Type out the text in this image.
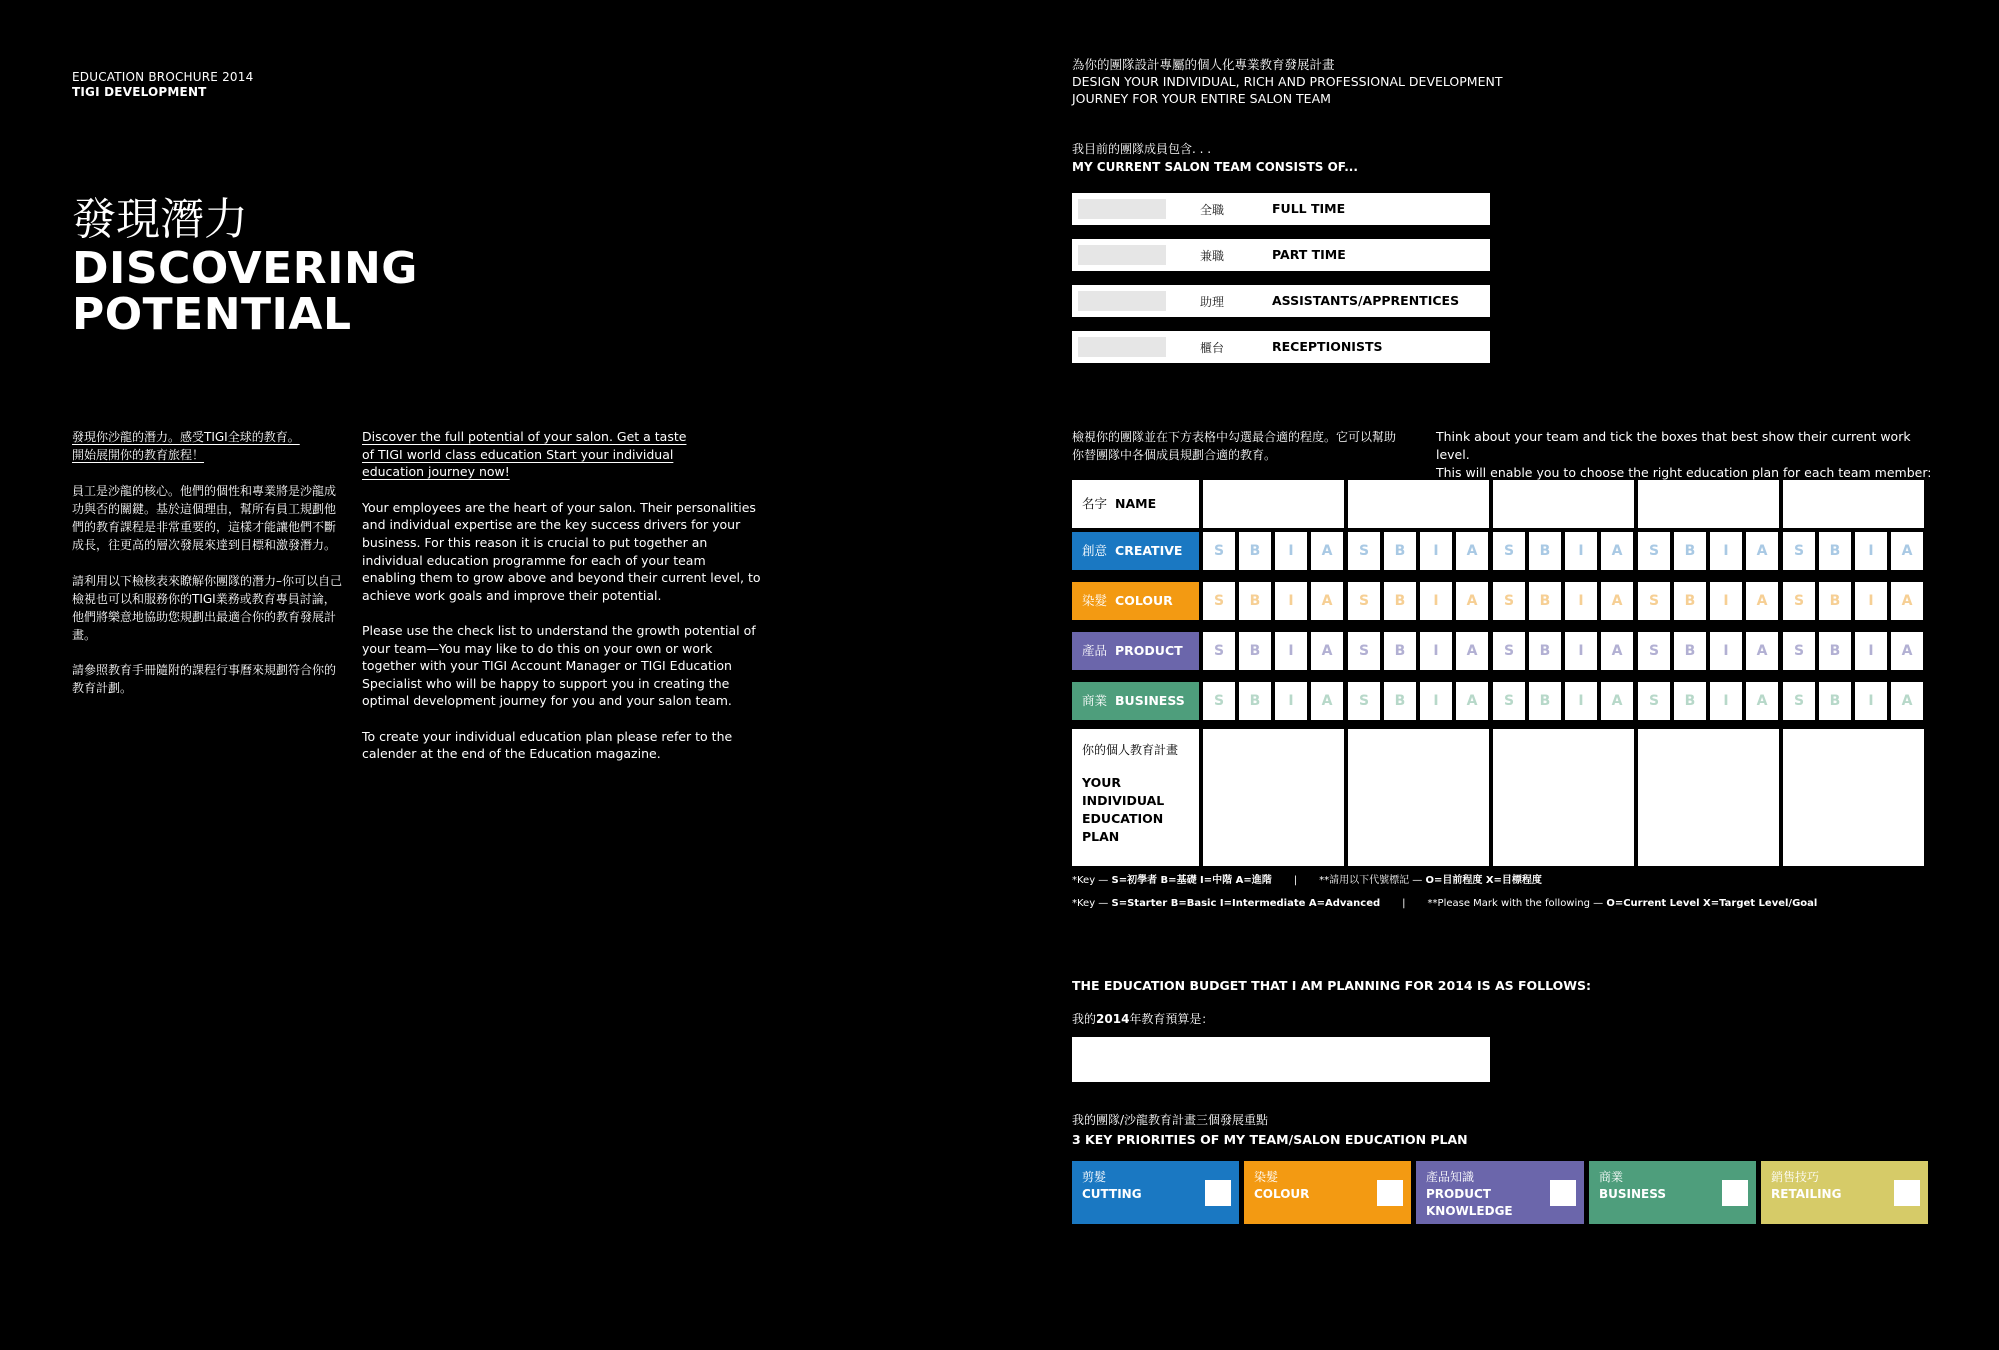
EDUCATION BROCHURE 2014
TIGI DEVELOPMENT
發現潛力
DISCOVERING
POTENTIAL
發現你沙龍的潛力。感受TIGI全球的教育。
開始展開你的教育旅程！

員工是沙龍的核心。他們的個性和專業將是沙龍成功與否的關鍵。基於這個理由，幫所有員工規劃他們的教育課程是非常重要的，這樣才能讓他們不斷成長，往更高的層次發展來達到目標和激發潛力。

請利用以下檢核表來瞭解你團隊的潛力–你可以自己檢視也可以和服務你的TIGI業務或教育專員討論，他們將樂意地協助您規劃出最適合你的教育發展計畫。

請參照教育手冊隨附的課程行事曆來規劃符合你的教育計劃。

Discover the full potential of your salon. Get a taste
of TIGI world class education Start your individual
education journey now!

Your employees are the heart of your salon. Their personalities and individual expertise are the key success drivers for your business. For this reason it is crucial to put together an individual education programme for each of your team enabling them to grow above and beyond their current level, to achieve work goals and improve their potential.

Please use the check list to understand the growth potential of your team—You may like to do this on your own or work together with your TIGI Account Manager or TIGI Education Specialist who will be happy to support you in creating the optimal development journey for you and your salon team.

To create your individual education plan please refer to the calender at the end of the Education magazine.

為你的團隊設計專屬的個人化專業教育發展計畫
DESIGN YOUR INDIVIDUAL, RICH AND PROFESSIONAL DEVELOPMENT
JOURNEY FOR YOUR ENTIRE SALON TEAM
我目前的團隊成員包含. . .
MY CURRENT SALON TEAM CONSISTS OF...
全職	FULL TIME
兼職	PART TIME
助理	ASSISTANTS/APPRENTICES
櫃台	RECEPTIONISTS
檢視你的團隊並在下方表格中勾選最合適的程度。它可以幫助
你替團隊中各個成員規劃合適的教育。
Think about your team and tick the boxes that best show their current work level.
This will enable you to choose the right education plan for each team member:
名字 NAME
創意 CREATIVE	S	B	I	A	S	B	I	A	S	B	I	A	S	B	I	A	S	B	I	A
染髮 COLOUR	S	B	I	A	S	B	I	A	S	B	I	A	S	B	I	A	S	B	I	A
產品 PRODUCT	S	B	I	A	S	B	I	A	S	B	I	A	S	B	I	A	S	B	I	A
商業 BUSINESS	S	B	I	A	S	B	I	A	S	B	I	A	S	B	I	A	S	B	I	A
你的個人教育計畫
YOUR
INDIVIDUAL
EDUCATION
PLAN
*Key — S=初學者 B=基礎 I=中階 A=進階 | **請用以下代號標記 — O=目前程度 X=目標程度
*Key — S=Starter B=Basic I=Intermediate A=Advanced | **Please Mark with the following — O=Current Level X=Target Level/Goal
THE EDUCATION BUDGET THAT I AM PLANNING FOR 2014 IS AS FOLLOWS:
我的2014年教育預算是：
我的團隊/沙龍教育計畫三個發展重點
3 KEY PRIORITIES OF MY TEAM/SALON EDUCATION PLAN
剪髮
CUTTING
染髮
COLOUR
產品知識
PRODUCT KNOWLEDGE
商業
BUSINESS
銷售技巧
RETAILING
